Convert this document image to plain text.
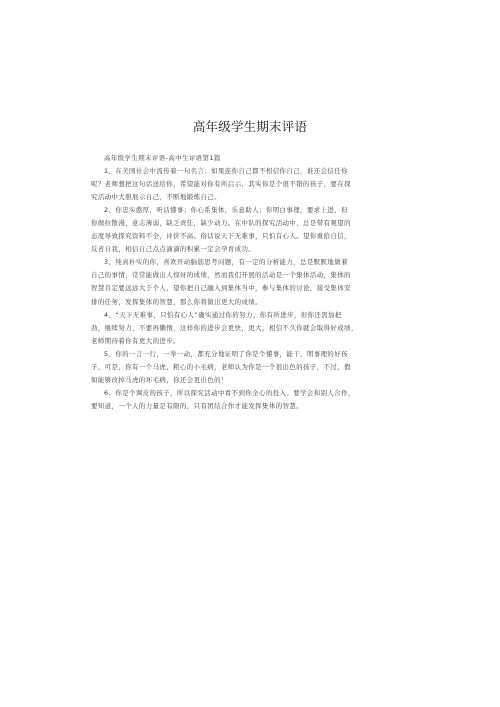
高年级学生期末评语

高年级学生期末评语-高中生评语第1篇

1、在美国社会中流传着一句名言：如果连你自己都不相信你自己，谁还会信任你
呢？老师想把这句话送给你，希望能对你有所启示，其实你是个很不错的孩子，要在探
究活动中大胆展示自己，不断地锻炼自己。

2、你忠实憨厚，听话懂事；你心系集体，乐意助人；你明白事理，要求上进，但
你做拉散漫，意志薄弱，缺乏责任，缺少动力。在中队的探究活动中，总是带有观望的
态度导致探究资料不全，评价不高。俗话说天下无难事，只怕有心人。望你重拾自信，
反省自我，相信自己点点滴滴的积累一定会孕育成功。

3、纯真朴实的你，喜欢开动脑筋思考问题，有一定的分析能力，总是默默地做着
自己的事情，常常能做出人惊讶的成绩，然而我们开展的活动是一个集体活动，集体的
智慧肯定要远远大于个人，望你把自己融入到集体当中，参与集体的讨论，接受集体安
排的任务，发挥集体的智慧，那么你将做出更大的成绩。

4、“天下无难事，只怕有心人”确实通过你的努力，你有所进步，但你还需加把
劲，继续努力，不要再懒惰，这样你的进步会更快，更大，相信不久你就会取得好成绩，
老师期待着你有更大的进步。

5、你的一言一行，一举一动，都充分地证明了你是个懂事，能干，明事理的好孩
子，可是，你有一个马虎、粗心的小毛病，老师认为你是一个很出色的孩子，不过，假
如能够改掉马虎的坏毛病，你还会更出色的！

6、你是个调皮的孩子，所以探究活动中看不到你全心的投入。要学会和别人合作，
要知道，一个人的力量是有限的，只有团结合作才能发挥集体的智慧。
